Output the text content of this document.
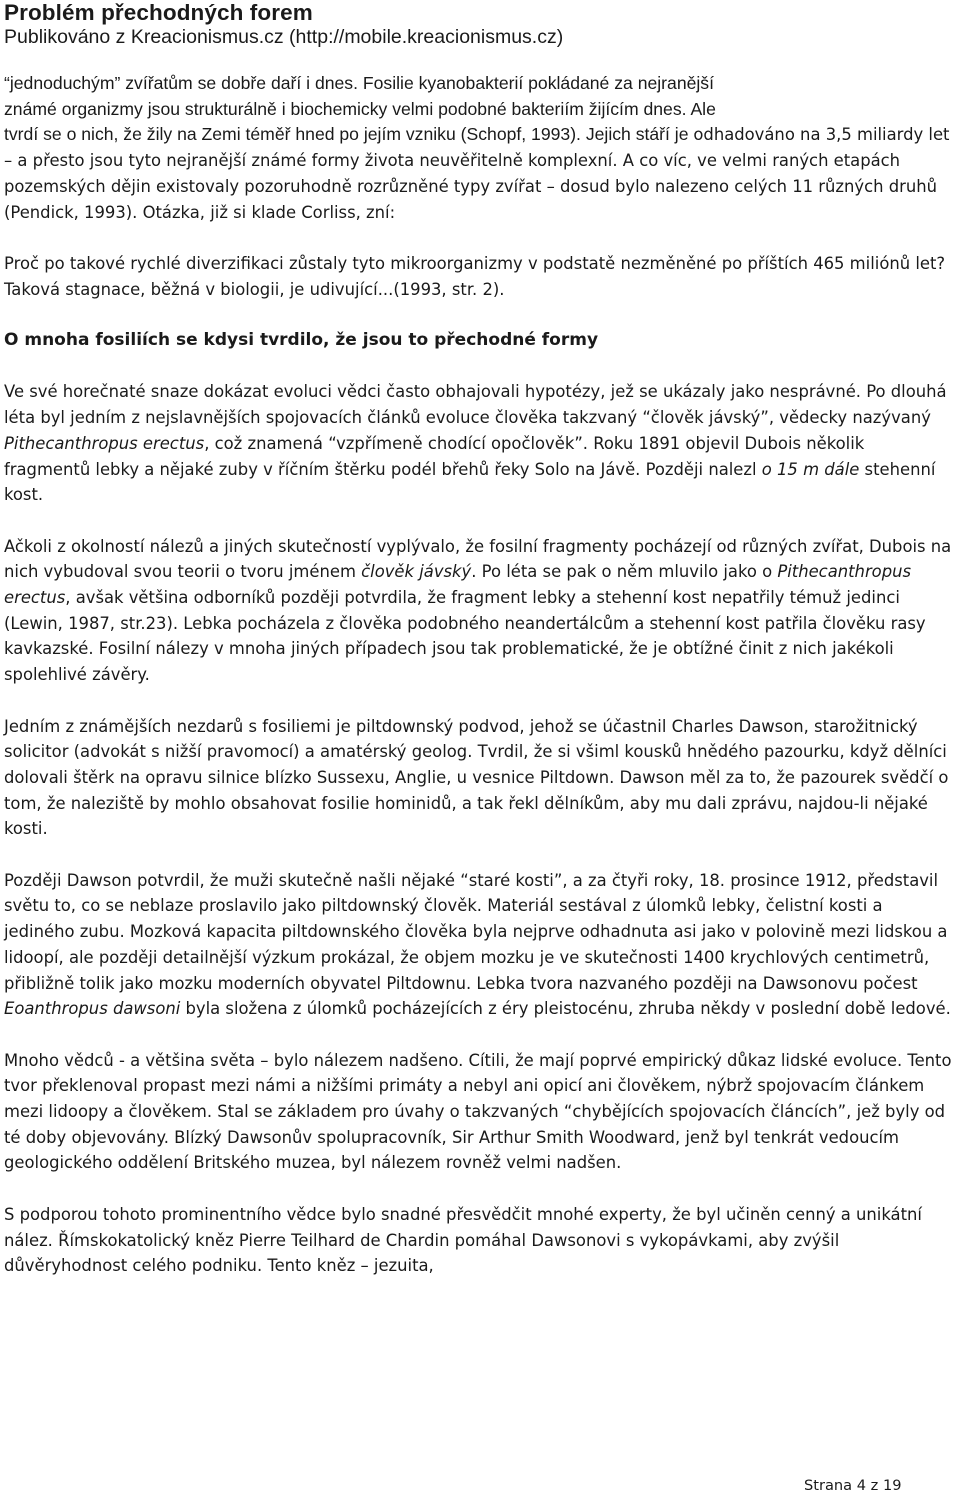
Problém přechodných forem

Publikováno z Kreacionismus.cz (http://mobile.kreacionismus.cz)

“jednoduchým” zvířatům se dobře daří i dnes. Fosilie kyanobakterií pokládané za nejranější
známé organizmy jsou strukturálně i biochemicky velmi podobné bakteriím žijícím dnes. Ale
tvrdí se o nich, že žily na Zemi téměř hned po jejím vzniku (Schopf, 1993). Jejich stáří je odhadováno na 3,5 miliardy let – a přesto jsou tyto nejranější známé formy života neuvěřitelně komplexní. A co víc, ve velmi raných etapách pozemských dějin existovaly pozoruhodně rozrůzněné typy zvířat – dosud bylo nalezeno celých 11 různých druhů (Pendick, 1993). Otázka, již si klade Corliss, zní:

Proč po takové rychlé diverzifikaci zůstaly tyto mikroorganizmy v podstatě nezměněné po příštích 465 miliónů let? Taková stagnace, běžná v biologii, je udivující...(1993, str. 2).

O mnoha fosiliích se kdysi tvrdilo, že jsou to přechodné formy

Ve své horečnaté snaze dokázat evoluci vědci často obhajovali hypotézy, jež se ukázaly jako nesprávné. Po dlouhá léta byl jedním z nejslavnějších spojovacích článků evoluce člověka takzvaný “člověk jávský”, vědecky nazývaný Pithecanthropus erectus, což znamená “vzpřímeně chodící opočlověk”. Roku 1891 objevil Dubois několik fragmentů lebky a nějaké zuby v říčním štěrku podél břehů řeky Solo na Jávě. Později nalezl o 15 m dále stehenní kost.

Ačkoli z okolností nálezů a jiných skutečností vyplývalo, že fosilní fragmenty pocházejí od různých zvířat, Dubois na nich vybudoval svou teorii o tvoru jménem člověk jávský. Po léta se pak o něm mluvilo jako o Pithecanthropus erectus, avšak většina odborníků později potvrdila, že fragment lebky a stehenní kost nepatřily témuž jedinci (Lewin, 1987, str.23). Lebka pocházela z člověka podobného neandertálcům a stehenní kost patřila člověku rasy kavkazské. Fosilní nálezy v mnoha jiných případech jsou tak problematické, že je obtížné činit z nich jakékoli spolehlivé závěry.

Jedním z známějších nezdarů s fosiliemi je piltdownský podvod, jehož se účastnil Charles Dawson, starožitnický solicitor (advokát s nižší pravomocí) a amatérský geolog. Tvrdil, že si všiml kousků hnědého pazourku, když dělníci dolovali štěrk na opravu silnice blízko Sussexu, Anglie, u vesnice Piltdown. Dawson měl za to, že pazourek svědčí o tom, že naleziště by mohlo obsahovat fosilie hominidů, a tak řekl dělníkům, aby mu dali zprávu, najdou-li nějaké kosti.

Později Dawson potvrdil, že muži skutečně našli nějaké “staré kosti”, a za čtyři roky, 18. prosince 1912, představil světu to, co se neblaze proslavilo jako piltdownský člověk. Materiál sestával z úlomků lebky, čelistní kosti a jediného zubu. Mozková kapacita piltdownského člověka byla nejprve odhadnuta asi jako v polovině mezi lidskou a lidoopí, ale později detailnější výzkum prokázal, že objem mozku je ve skutečnosti 1400 krychlových centimetrů, přibližně tolik jako mozku moderních obyvatel Piltdownu. Lebka tvora nazvaného později na Dawsonovu počest Eoanthropus dawsoni byla složena z úlomků pocházejících z éry pleistocénu, zhruba někdy v poslední době ledové.

Mnoho vědců - a většina světa – bylo nálezem nadšeno. Cítili, že mají poprvé empirický důkaz lidské evoluce. Tento tvor překlenoval propast mezi námi a nižšími primáty a nebyl ani opicí ani člověkem, nýbrž spojovacím článkem mezi lidoopy a člověkem. Stal se základem pro úvahy o takzvaných “chybějících spojovacích článcích”, jež byly od té doby objevovány. Blízký Dawsonův spolupracovník, Sir Arthur Smith Woodward, jenž byl tenkrát vedoucím geologického oddělení Britského muzea, byl nálezem rovněž velmi nadšen.

S podporou tohoto prominentního vědce bylo snadné přesvědčit mnohé experty, že byl učiněn cenný a unikátní nález. Římskokatolický kněz Pierre Teilhard de Chardin pomáhal Dawsonovi s vykopávkami, aby zvýšil důvěryhodnost celého podniku. Tento kněz – jezuita,

Strana 4 z 19
